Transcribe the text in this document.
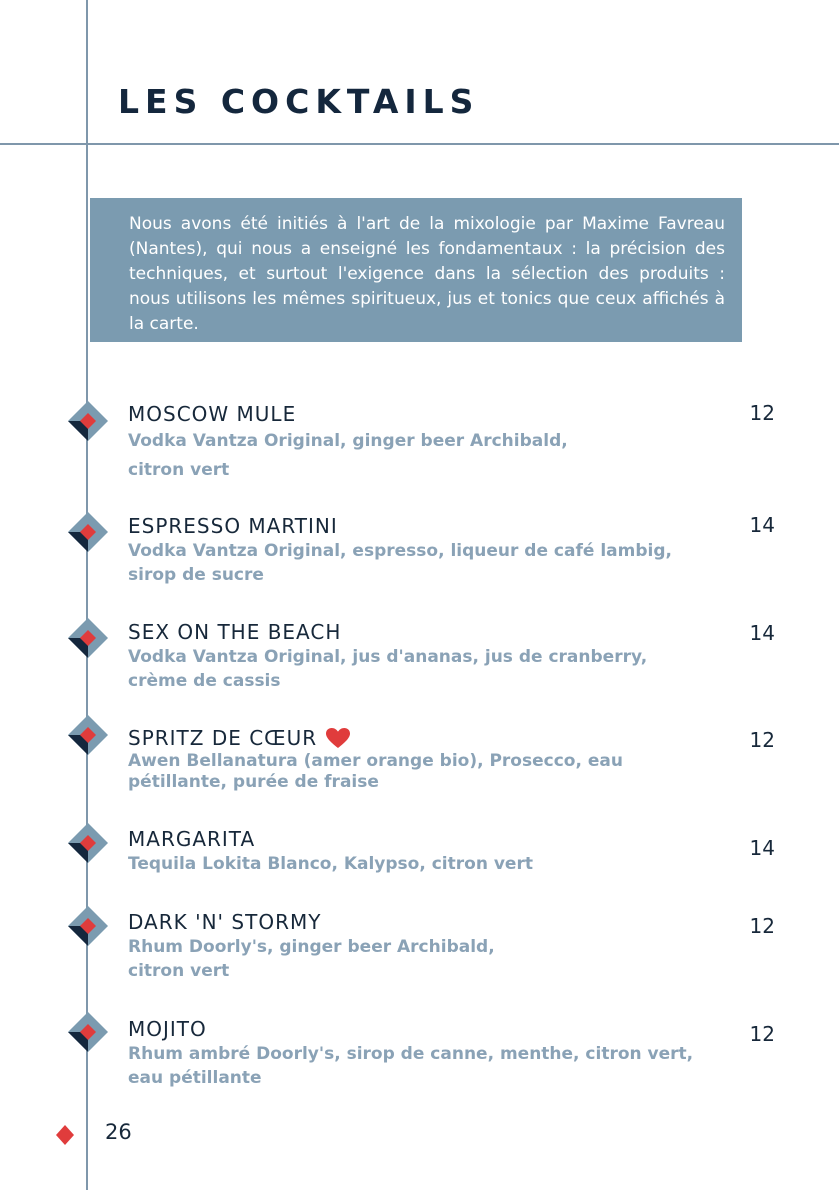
LES COCKTAILS

Nous avons été initiés à l'art de la mixologie par Maxime Favreau (Nantes), qui nous a enseigné les fondamentaux : la précision des techniques, et surtout l'exigence dans la sélection des produits : nous utilisons les mêmes spiritueux, jus et tonics que ceux affichés à la carte.

MOSCOW MULE

Vodka Vantza Original, ginger beer Archibald,
citron vert

12

ESPRESSO MARTINI

Vodka Vantza Original, espresso, liqueur de café lambig,
sirop de sucre

14

SEX ON THE BEACH

Vodka Vantza Original, jus d'ananas, jus de cranberry,
crème de cassis

14

SPRITZ DE CŒUR

Awen Bellanatura (amer orange bio), Prosecco, eau
pétillante, purée de fraise

12

MARGARITA

Tequila Lokita Blanco, Kalypso, citron vert

14

DARK 'N' STORMY

Rhum Doorly's, ginger beer Archibald,
citron vert

12

MOJITO

Rhum ambré Doorly's, sirop de canne, menthe, citron vert,
eau pétillante

12

26
